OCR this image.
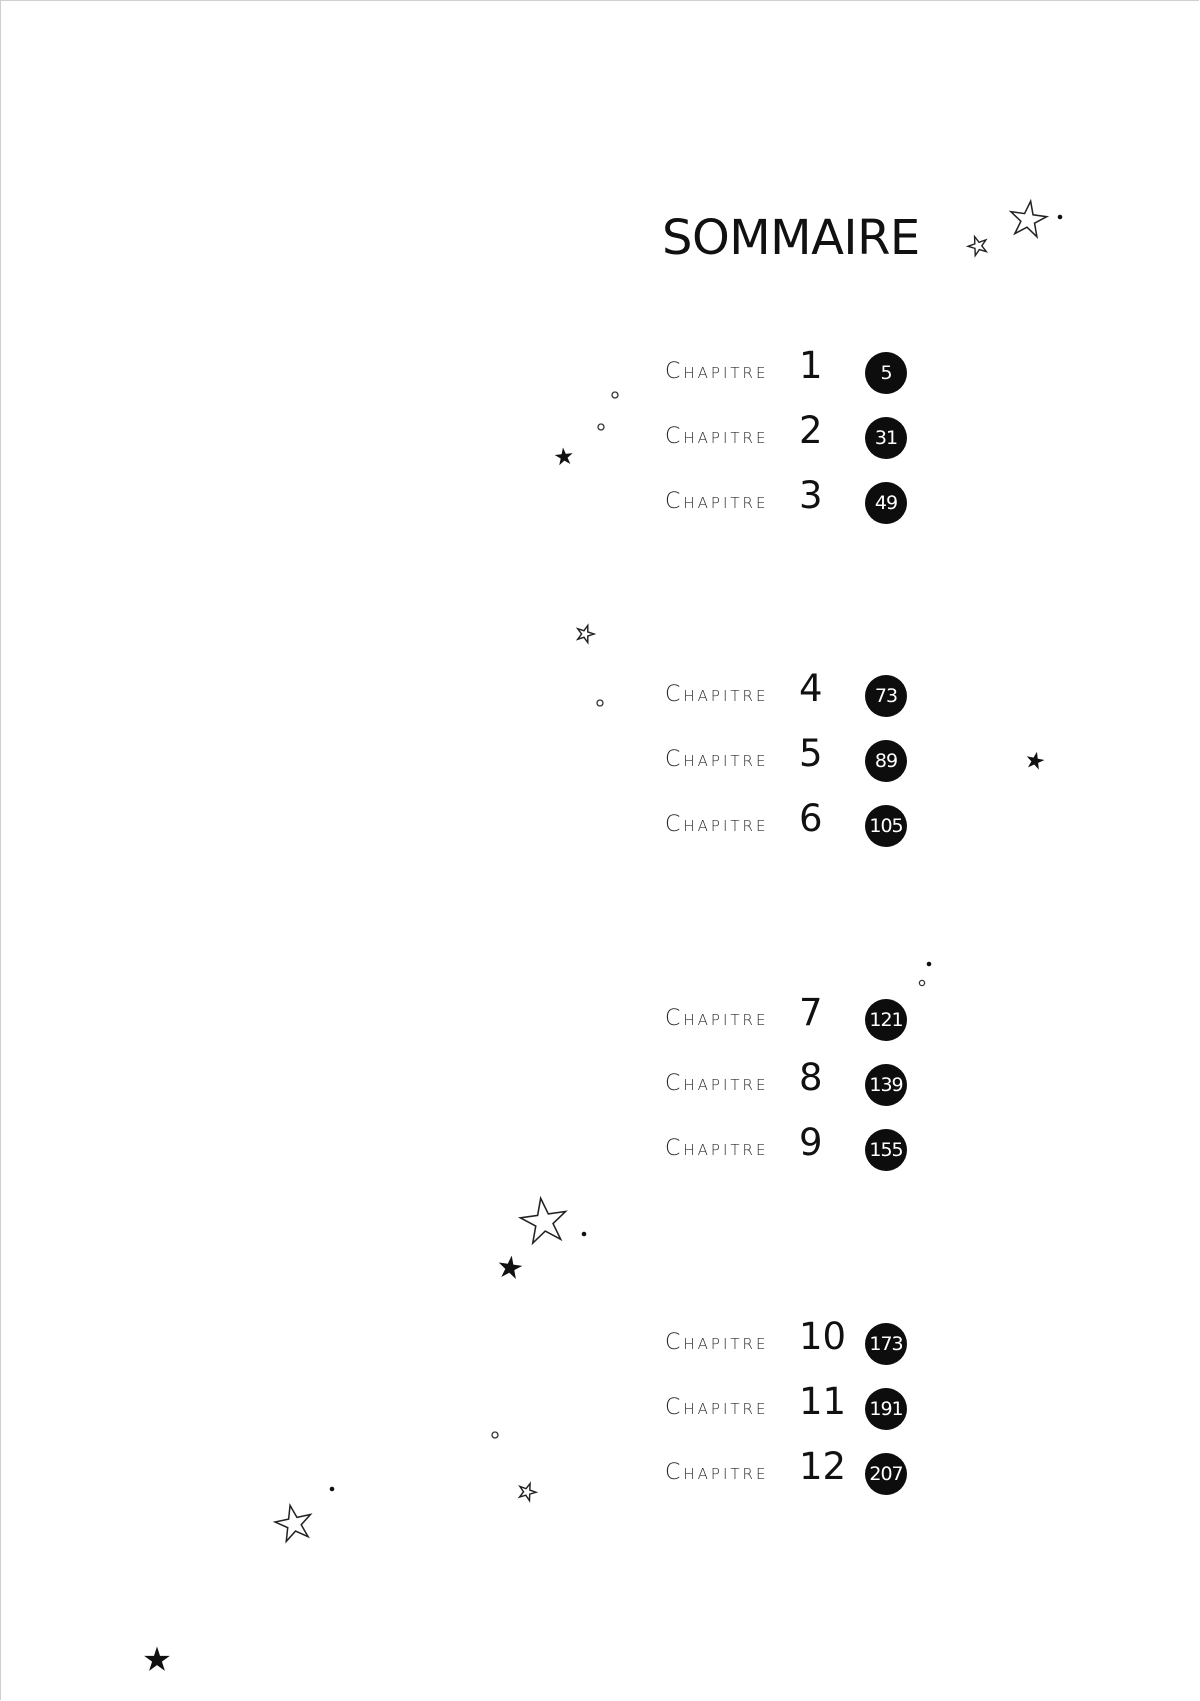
SOMMAIRE
Chapitre 1	5
Chapitre 2	31
Chapitre 3	49
Chapitre 4	73
Chapitre 5	89
Chapitre 6 105
Chapitre 7 121
Chapitre 8 139
Chapitre 9 155
Chapitre 10 173
Chapitre 11 191
Chapitre 12 207
